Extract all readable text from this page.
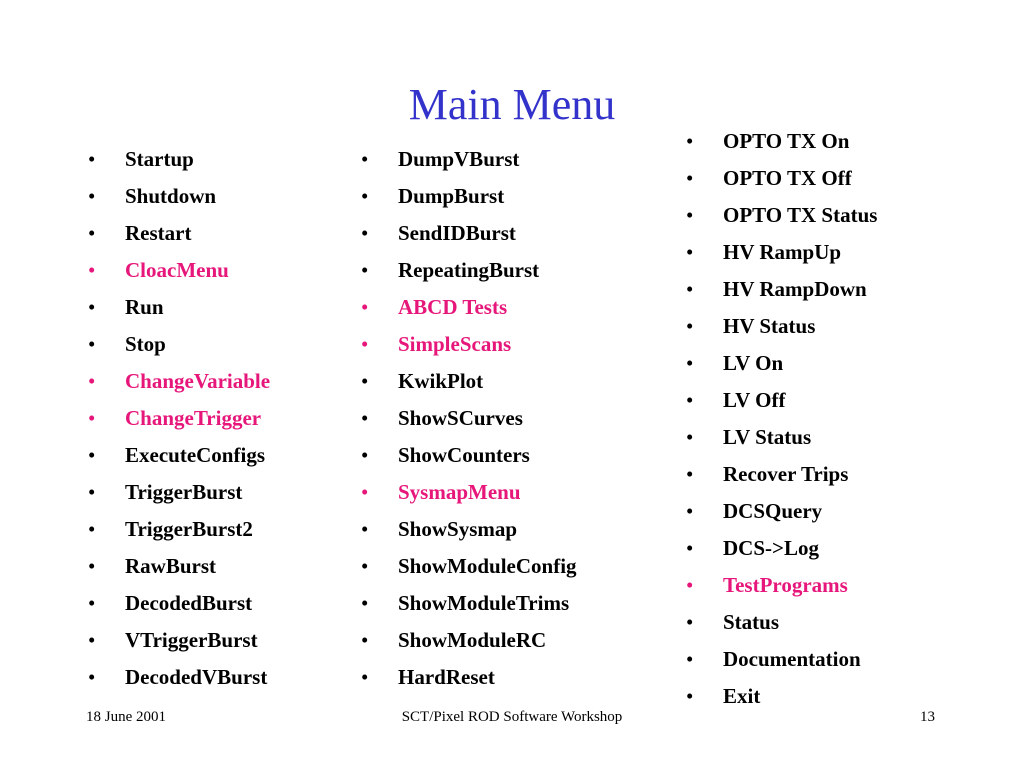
Main Menu
• Startup
• Shutdown
• Restart
• CloacMenu
• Run
• Stop
• ChangeVariable
• ChangeTrigger
• ExecuteConfigs
• TriggerBurst
• TriggerBurst2
• RawBurst
• DecodedBurst
• VTriggerBurst
• DecodedVBurst
• DumpVBurst
• DumpBurst
• SendIDBurst
• RepeatingBurst
• ABCD Tests
• SimpleScans
• KwikPlot
• ShowSCurves
• ShowCounters
• SysmapMenu
• ShowSysmap
• ShowModuleConfig
• ShowModuleTrims
• ShowModuleRC
• HardReset
• OPTO TX On
• OPTO TX Off
• OPTO TX Status
• HV RampUp
• HV RampDown
• HV Status
• LV On
• LV Off
• LV Status
• Recover Trips
• DCSQuery
• DCS->Log
• TestPrograms
• Status
• Documentation
• Exit
18 June 2001	SCT/Pixel ROD Software Workshop	13
